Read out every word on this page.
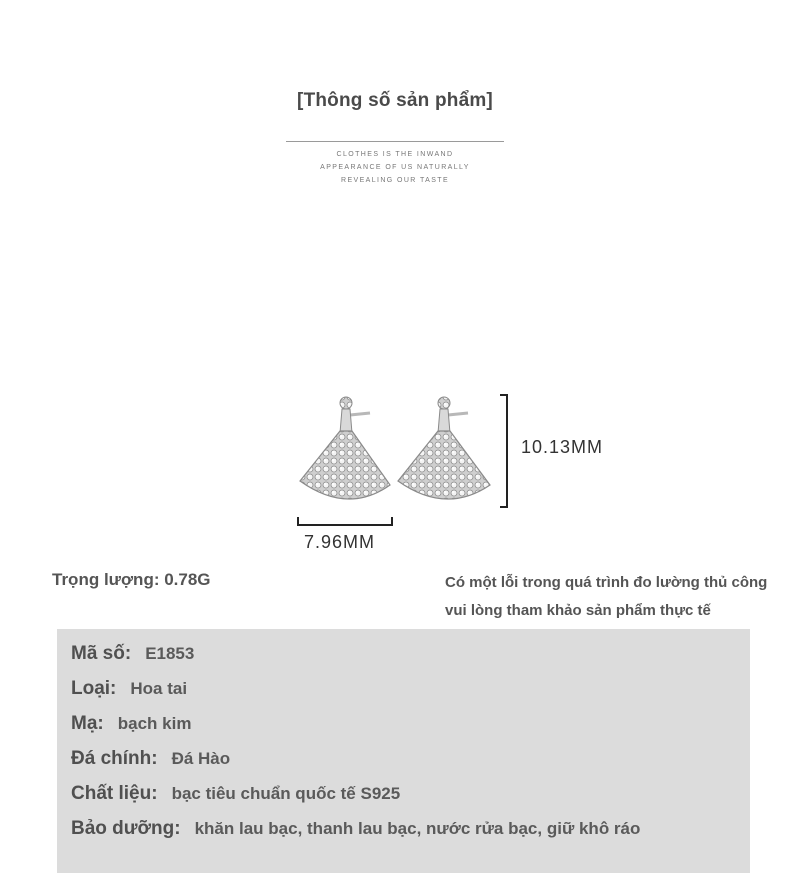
[Thông số sản phẩm]
CLOTHES IS THE INWAND
APPEARANCE OF US NATURALLY
REVEALING OUR TASTE
10.13MM
7.96MM
Trọng lượng: 0.78G	Có một lỗi trong quá trình đo lường thủ công
vui lòng tham khảo sản phẩm thực tế
Mã số: E1853
Loại: Hoa tai
Mạ: bạch kim
Đá chính: Đá Hào
Chất liệu: bạc tiêu chuẩn quốc tế S925
Bảo dưỡng: khăn lau bạc, thanh lau bạc, nước rửa bạc, giữ khô ráo
